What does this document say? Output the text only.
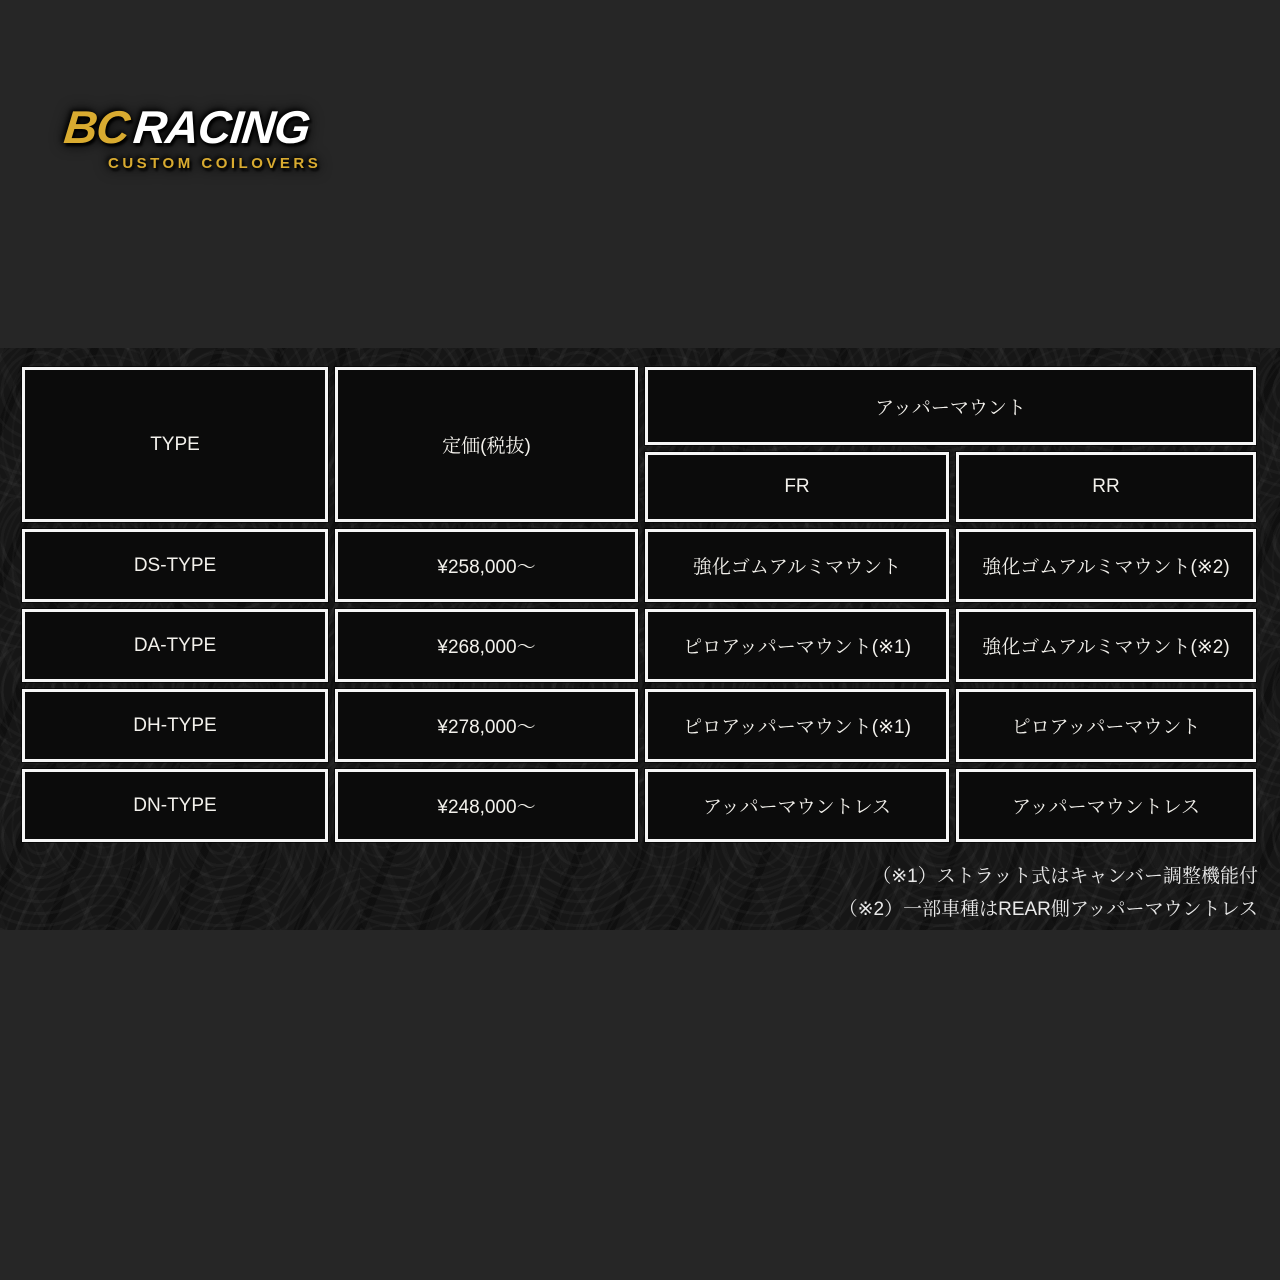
BCRACING
CUSTOM COILOVERS
TYPE	定価(税抜)
アッパーマウント
FR	RR
DS-TYPE	¥258,000～	強化ゴムアルミマウント	強化ゴムアルミマウント(※2)
DA-TYPE	¥268,000～	ピロアッパーマウント(※1)	強化ゴムアルミマウント(※2)
DH-TYPE	¥278,000～	ピロアッパーマウント(※1)	ピロアッパーマウント
DN-TYPE	¥248,000～	アッパーマウントレス	アッパーマウントレス
（※1）ストラット式はキャンバー調整機能付
（※2）一部車種はREAR側アッパーマウントレス
